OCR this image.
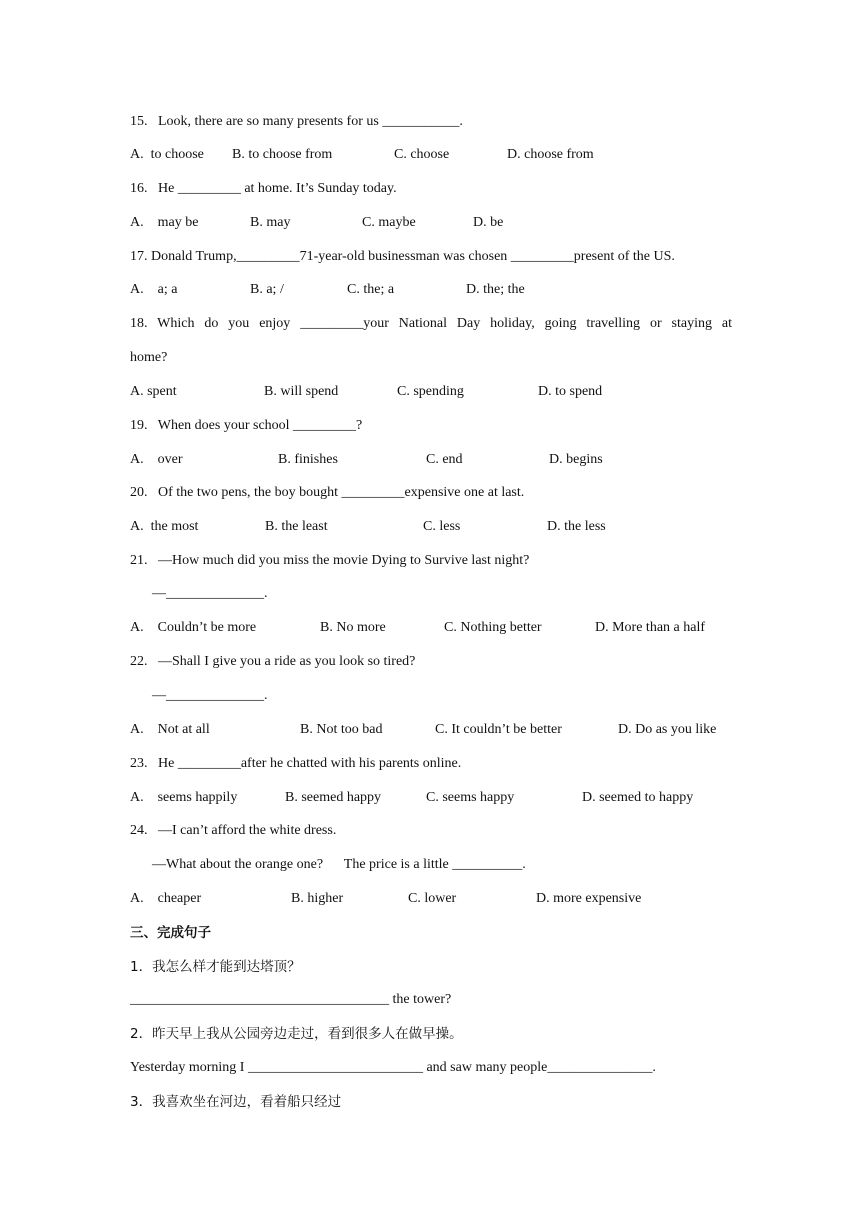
15.   Look, there are so many presents for us ___________.
A.  to choose B. to choose from	C. choose	D. choose from
16.   He _________ at home. It’s Sunday today.
A.    may be	B. may	C. maybe	D. be
17. Donald Trump,_________71-year-old businessman was chosen _________present of the US.
A.    a; a	B. a; /	C. the; a	D. the; the
18. Which do you enjoy _________your National Day holiday, going travelling or staying at
home?
A. spent	B. will spend	C. spending	D. to spend
19.   When does your school _________?
A.    over	B. finishes	C. end	D. begins
20.   Of the two pens, the boy bought _________expensive one at last.
A.  the most	B. the least	C. less	D. the less
21.   —How much did you miss the movie Dying to Survive last night?
—______________.
A.    Couldn’t be more	B. No more	C. Nothing better	D. More than a half
22.   —Shall I give you a ride as you look so tired?
—______________.
A.    Not at all	B. Not too bad	C. It couldn’t be better	D. Do as you like
23.   He _________after he chatted with his parents online.
A.    seems happily	B. seemed happy	C. seems happy	D. seemed to happy
24.   —I can’t afford the white dress.
—What about the orange one?      The price is a little __________.
A.    cheaper	B. higher	C. lower	D. more expensive
三、完成句子
1．我怎么样才能到达塔顶？
_____________________________________ the tower?
2．昨天早上我从公园旁边走过，看到很多人在做早操。
Yesterday morning I _________________________ and saw many people_______________.
3．我喜欢坐在河边，看着船只经过
